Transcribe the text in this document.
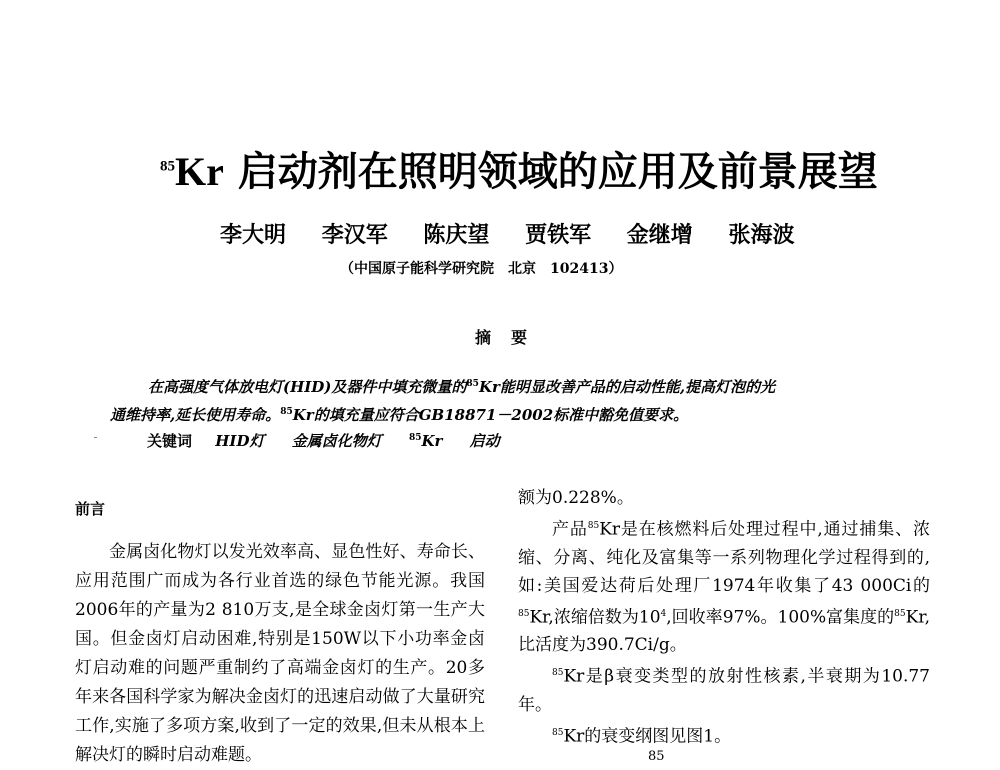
$^{85}$Kr 启动剂在照明领域的应用及前景展望
李大明 李汉军 陈庆望 贾铁军 金继增 张海波
（中国原子能科学研究院　北京　102413）
摘要
在高强度气体放电灯(HID)及器件中填充微量的$^{85}$Kr能明显改善产品的启动性能,提高灯泡的光
通维持率,延长使用寿命。$^{85}$Kr的填充量应符合GB18871－2002标准中豁免值要求。
关键词 HID灯 金属卤化物灯	$^{85}$Kr 启动
前言

金属卤化物灯以发光效率高、显色性好、寿命长、应用范围广而成为各行业首选的绿色节能光源。我国2006年的产量为2 810万支,是全球金卤灯第一生产大国。但金卤灯启动困难,特别是150W以下小功率金卤灯启动难的问题严重制约了高端金卤灯的生产。20多年来各国科学家为解决金卤灯的迅速启动做了大量研究工作,实施了多项方案,收到了一定的效果,但未从根本上解决灯的瞬时启动难题。

额为0.228%。

产品$^{85}$Kr是在核燃料后处理过程中,通过捕集、浓缩、分离、纯化及富集等一系列物理化学过程得到的,如:美国爱达荷后处理厂1974年收集了43 000Ci的$^{85}$Kr,浓缩倍数为$10^4$,回收率97%。100%富集度的$^{85}$Kr,比活度为390.7Ci/g。

$^{85}$Kr是β衰变类型的放射性核素,半衰期为10.77年。

$^{85}$Kr的衰变纲图见图1。

85
